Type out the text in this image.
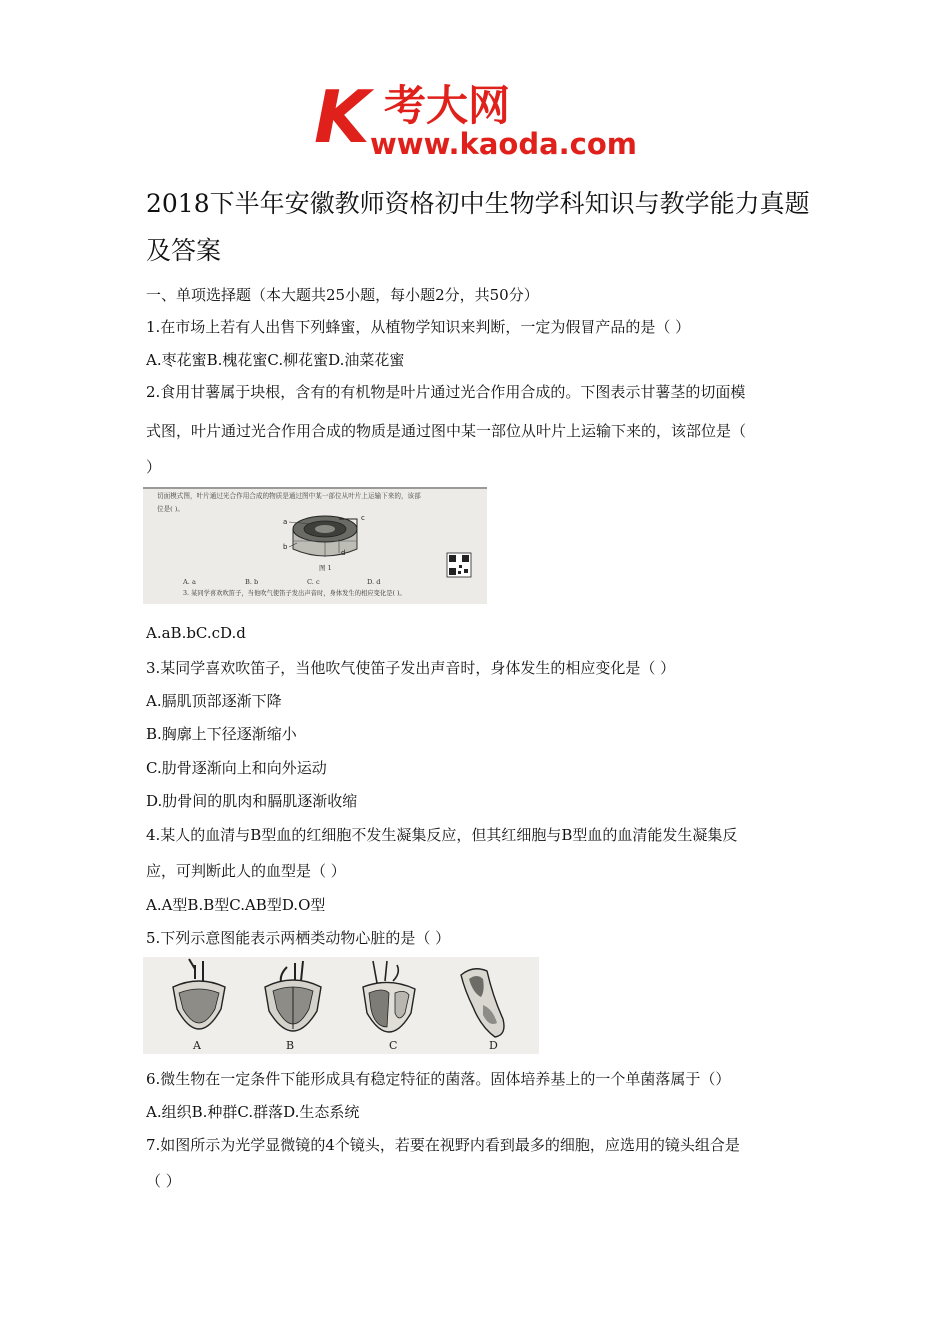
K 考大网
www.kaoda.com
2018下半年安徽教师资格初中生物学科知识与教学能力真题及答案
一、单项选择题（本大题共25小题，每小题2分，共50分）
1.在市场上若有人出售下列蜂蜜，从植物学知识来判断，一定为假冒产品的是（ ）
A.枣花蜜B.槐花蜜C.柳花蜜D.油菜花蜜
2.食用甘薯属于块根，含有的有机物是叶片通过光合作用合成的。下图表示甘薯茎的切面模
式图，叶片通过光合作用合成的物质是通过图中某一部位从叶片上运输下来的，该部位是（
）
切面模式图，叶片通过光合作用合成的物质是通过图中某一部位从叶片上运输下来的，该部
位是( )。
a	c
b
d
图 1
A. a	B. b	C. c	D. d
3. 某同学喜欢吹笛子，当他吹气使笛子发出声音时，身体发生的相应变化是( )。
A.aB.bC.cD.d
3.某同学喜欢吹笛子，当他吹气使笛子发出声音时，身体发生的相应变化是（ ）
A.膈肌顶部逐渐下降
B.胸廓上下径逐渐缩小
C.肋骨逐渐向上和向外运动
D.肋骨间的肌肉和膈肌逐渐收缩
4.某人的血清与B型血的红细胞不发生凝集反应，但其红细胞与B型血的血清能发生凝集反
应，可判断此人的血型是（ ）
A.A型B.B型C.AB型D.O型
5.下列示意图能表示两栖类动物心脏的是（ ）
A	B	C	D
6.微生物在一定条件下能形成具有稳定特征的菌落。固体培养基上的一个单菌落属于（）
A.组织B.种群C.群落D.生态系统
7.如图所示为光学显微镜的4个镜头，若要在视野内看到最多的细胞，应选用的镜头组合是
（ ）
